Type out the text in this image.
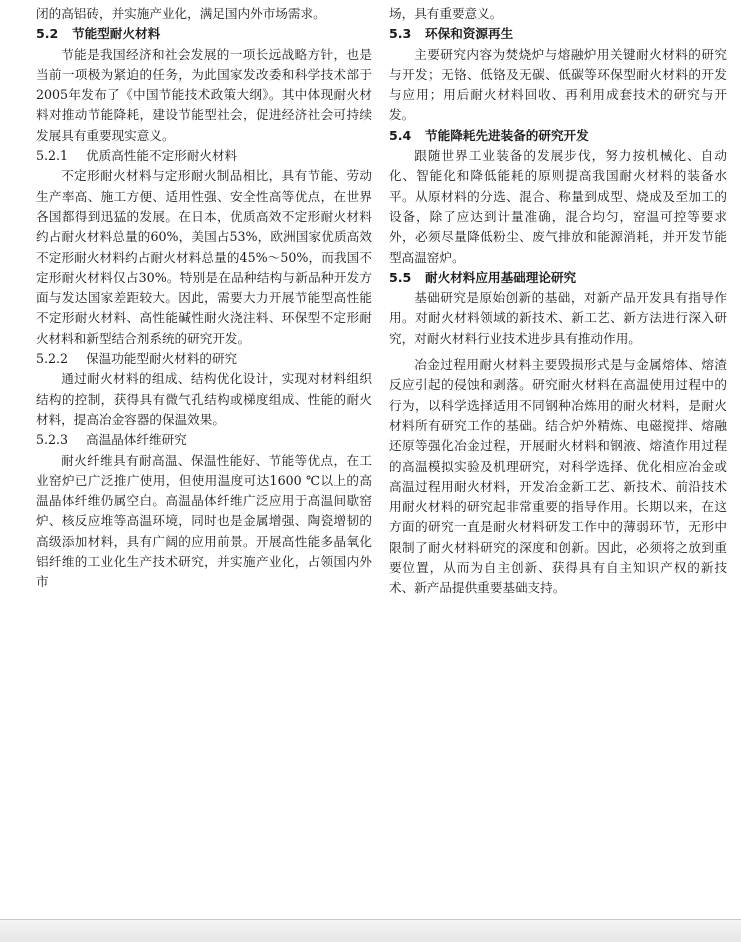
闭的高铝砖，并实施产业化，满足国内外市场需求。

5.2 节能型耐火材料

节能是我国经济和社会发展的一项长远战略方针，也是当前一项极为紧迫的任务，为此国家发改委和科学技术部于2005年发布了《中国节能技术政策大纲》。其中体现耐火材料对推动节能降耗，建设节能型社会，促进经济社会可持续发展具有重要现实意义。

5.2.1 优质高性能不定形耐火材料

不定形耐火材料与定形耐火制品相比，具有节能、劳动生产率高、施工方便、适用性强、安全性高等优点，在世界各国都得到迅猛的发展。在日本，优质高效不定形耐火材料约占耐火材料总量的60%，美国占53%，欧洲国家优质高效不定形耐火材料约占耐火材料总量的45%～50%，而我国不定形耐火材料仅占30%。特别是在品种结构与新品种开发方面与发达国家差距较大。因此，需要大力开展节能型高性能不定形耐火材料、高性能碱性耐火浇注料、环保型不定形耐火材料和新型结合剂系统的研究开发。

5.2.2 保温功能型耐火材料的研究

通过耐火材料的组成、结构优化设计，实现对材料组织结构的控制，获得具有微气孔结构或梯度组成、性能的耐火材料，提高冶金容器的保温效果。

5.2.3 高温晶体纤维研究

耐火纤维具有耐高温、保温性能好、节能等优点，在工业窑炉已广泛推广使用，但使用温度可达1600 ℃以上的高温晶体纤维仍属空白。高温晶体纤维广泛应用于高温间歇窑炉、核反应堆等高温环境，同时也是金属增强、陶瓷增韧的高级添加材料，具有广阔的应用前景。开展高性能多晶氧化铝纤维的工业化生产技术研究，并实施产业化，占领国内外市

场，具有重要意义。

5.3 环保和资源再生

主要研究内容为焚烧炉与熔融炉用关键耐火材料的研究与开发；无铬、低铬及无碳、低碳等环保型耐火材料的开发与应用；用后耐火材料回收、再利用成套技术的研究与开发。

5.4 节能降耗先进装备的研究开发

跟随世界工业装备的发展步伐，努力按机械化、自动化、智能化和降低能耗的原则提高我国耐火材料的装备水平。从原材料的分选、混合、称量到成型、烧成及至加工的设备，除了应达到计量准确，混合均匀，窑温可控等要求外，必须尽量降低粉尘、废气排放和能源消耗，并开发节能型高温窑炉。

5.5 耐火材料应用基础理论研究

基础研究是原始创新的基础，对新产品开发具有指导作用。对耐火材料领域的新技术、新工艺、新方法进行深入研究，对耐火材料行业技术进步具有推动作用。

冶金过程用耐火材料主要毁损形式是与金属熔体、熔渣反应引起的侵蚀和剥落。研究耐火材料在高温使用过程中的行为，以科学选择适用不同钢种冶炼用的耐火材料，是耐火材料所有研究工作的基础。结合炉外精炼、电磁搅拌、熔融还原等强化冶金过程，开展耐火材料和钢液、熔渣作用过程的高温模拟实验及机理研究，对科学选择、优化相应冶金或高温过程用耐火材料，开发冶金新工艺、新技术、前沿技术用耐火材料的研究起非常重要的指导作用。长期以来，在这方面的研究一直是耐火材料研发工作中的薄弱环节，无形中限制了耐火材料研究的深度和创新。因此，必须将之放到重要位置，从而为自主创新、获得具有自主知识产权的新技术、新产品提供重要基础支持。
